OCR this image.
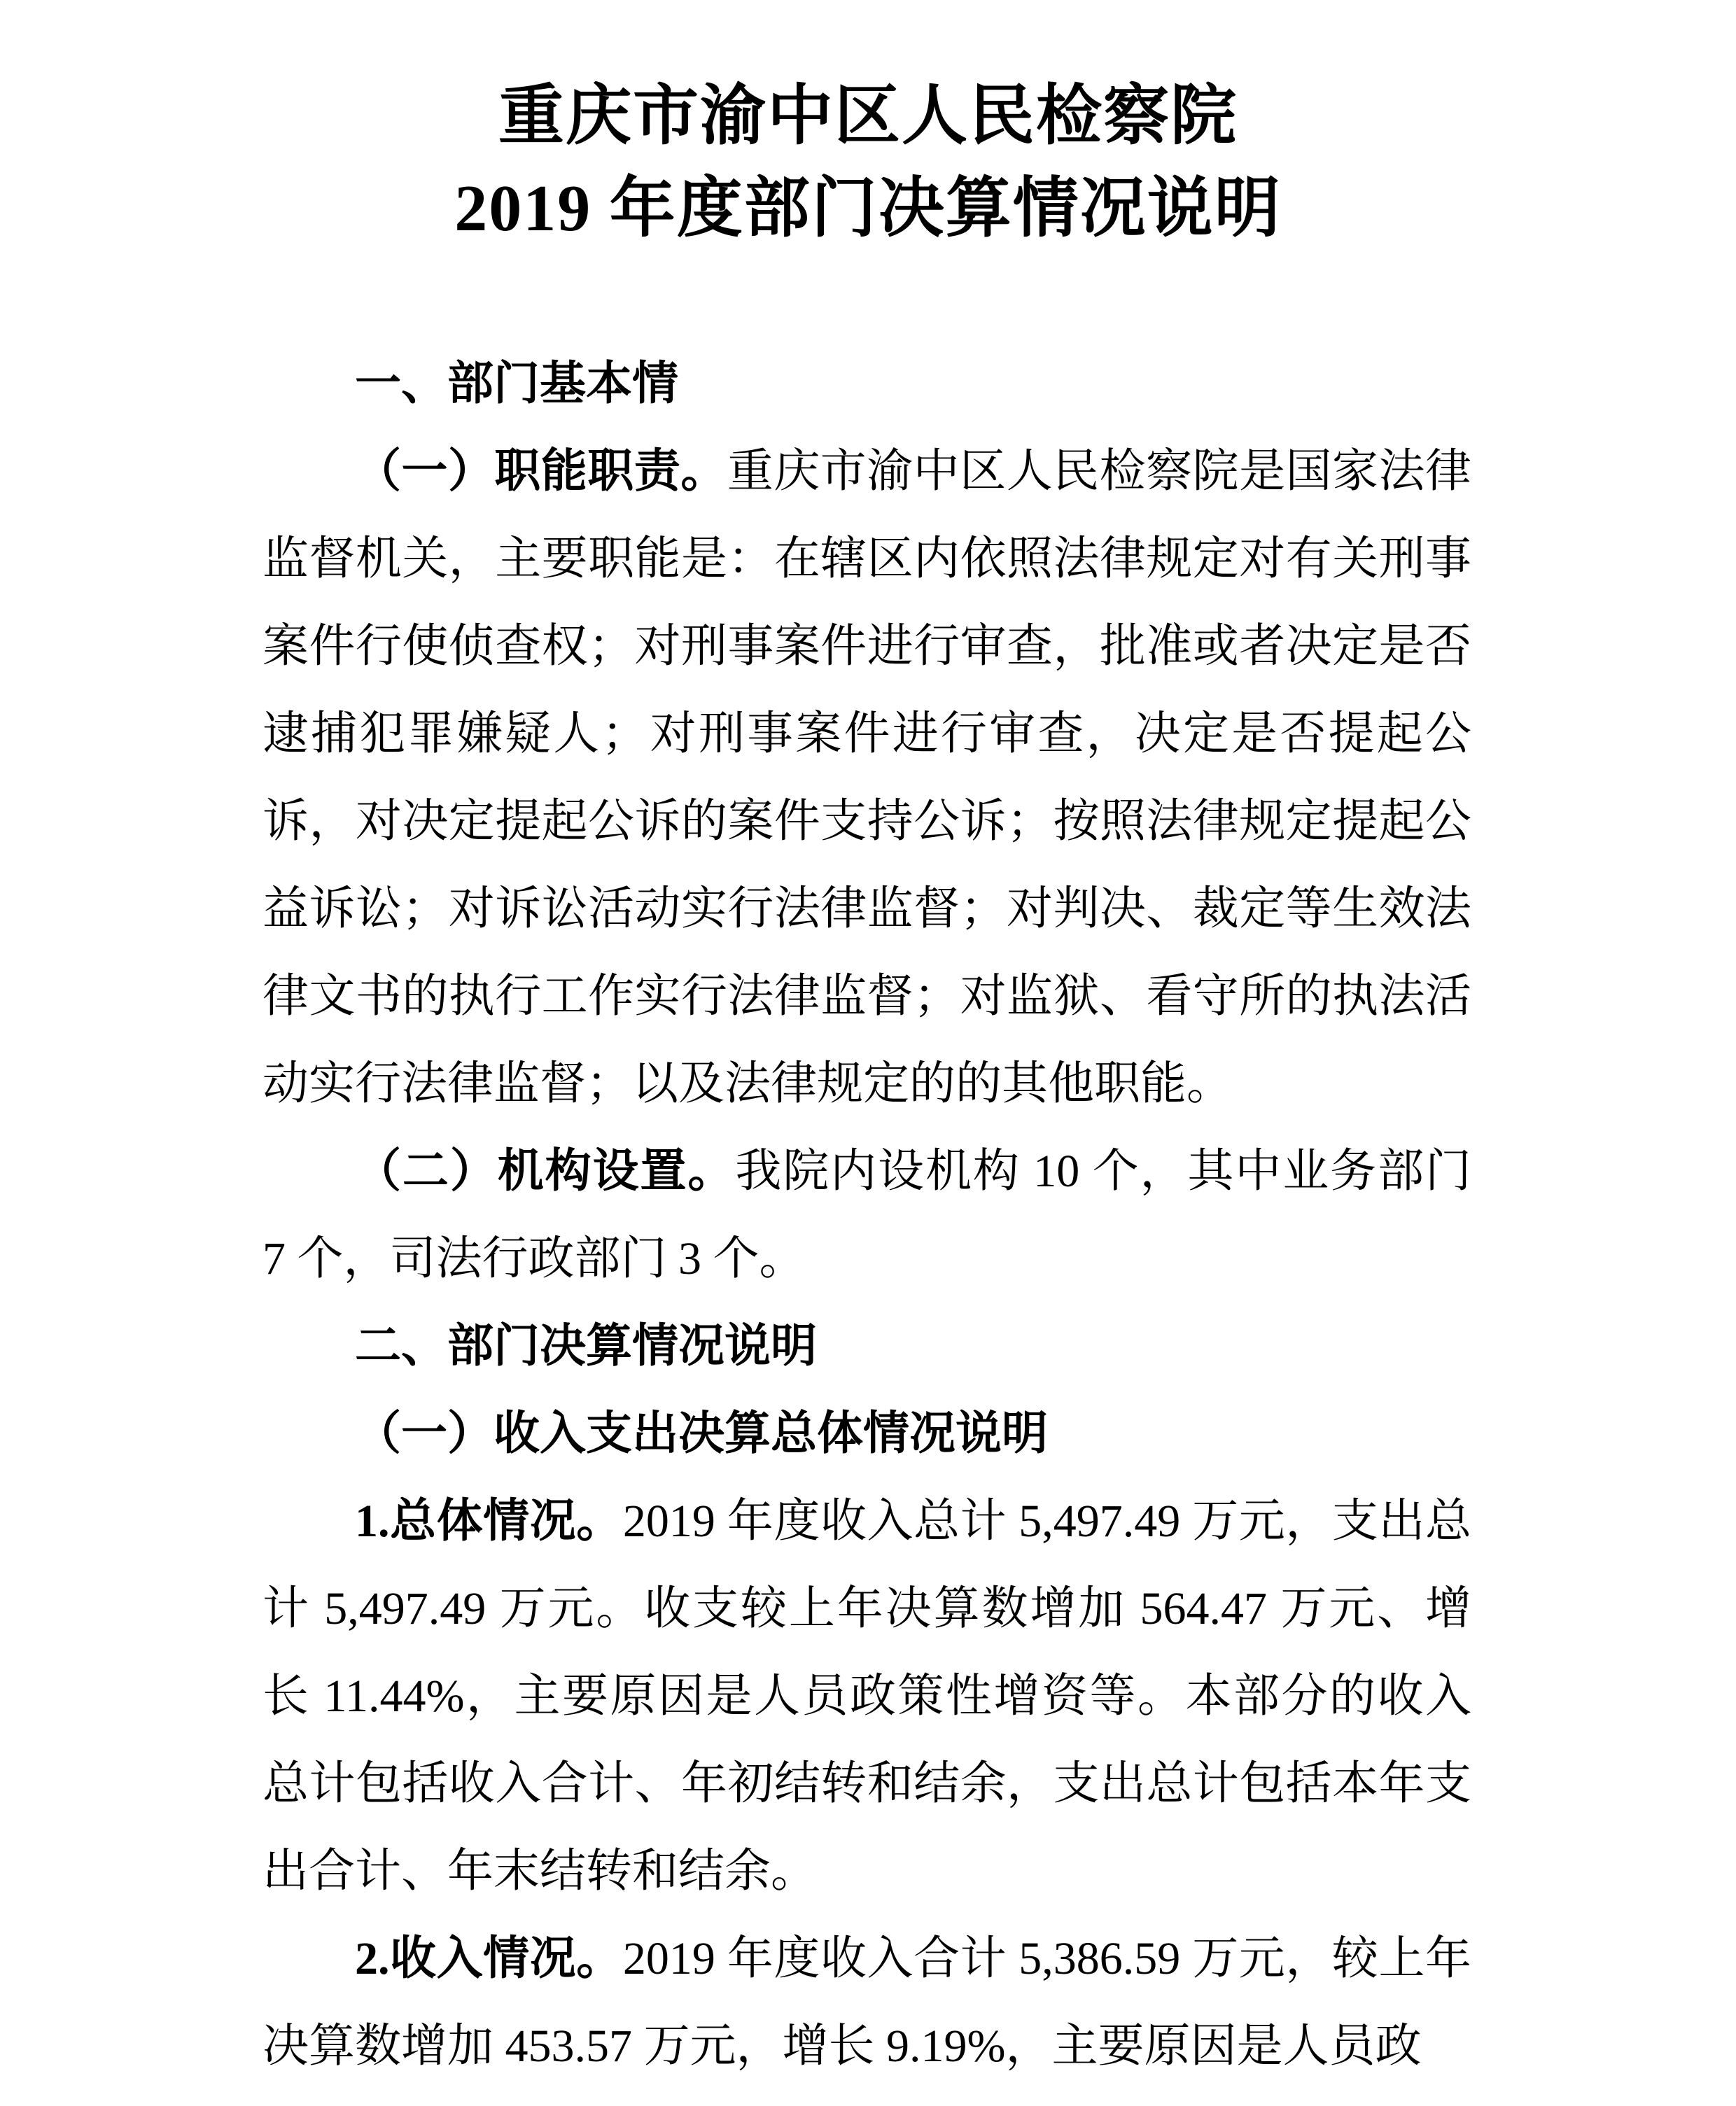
重庆市渝中区人民检察院
2019 年度部门决算情况说明

一、部门基本情

（一）职能职责。重庆市渝中区人民检察院是国家法律监督机关，主要职能是：在辖区内依照法律规定对有关刑事案件行使侦查权；对刑事案件进行审查，批准或者决定是否逮捕犯罪嫌疑人；对刑事案件进行审查，决定是否提起公诉，对决定提起公诉的案件支持公诉；按照法律规定提起公益诉讼；对诉讼活动实行法律监督；对判决、裁定等生效法律文书的执行工作实行法律监督；对监狱、看守所的执法活动实行法律监督；以及法律规定的的其他职能。

（二）机构设置。我院内设机构 10 个，其中业务部门 7 个，司法行政部门 3 个。

二、部门决算情况说明

（一）收入支出决算总体情况说明

1.总体情况。2019 年度收入总计 5,497.49 万元，支出总计 5,497.49 万元。收支较上年决算数增加 564.47 万元、增长 11.44%，主要原因是人员政策性增资等。本部分的收入总计包括收入合计、年初结转和结余，支出总计包括本年支出合计、年末结转和结余。

2.收入情况。2019 年度收入合计 5,386.59 万元，较上年决算数增加 453.57 万元，增长 9.19%，主要原因是人员政
